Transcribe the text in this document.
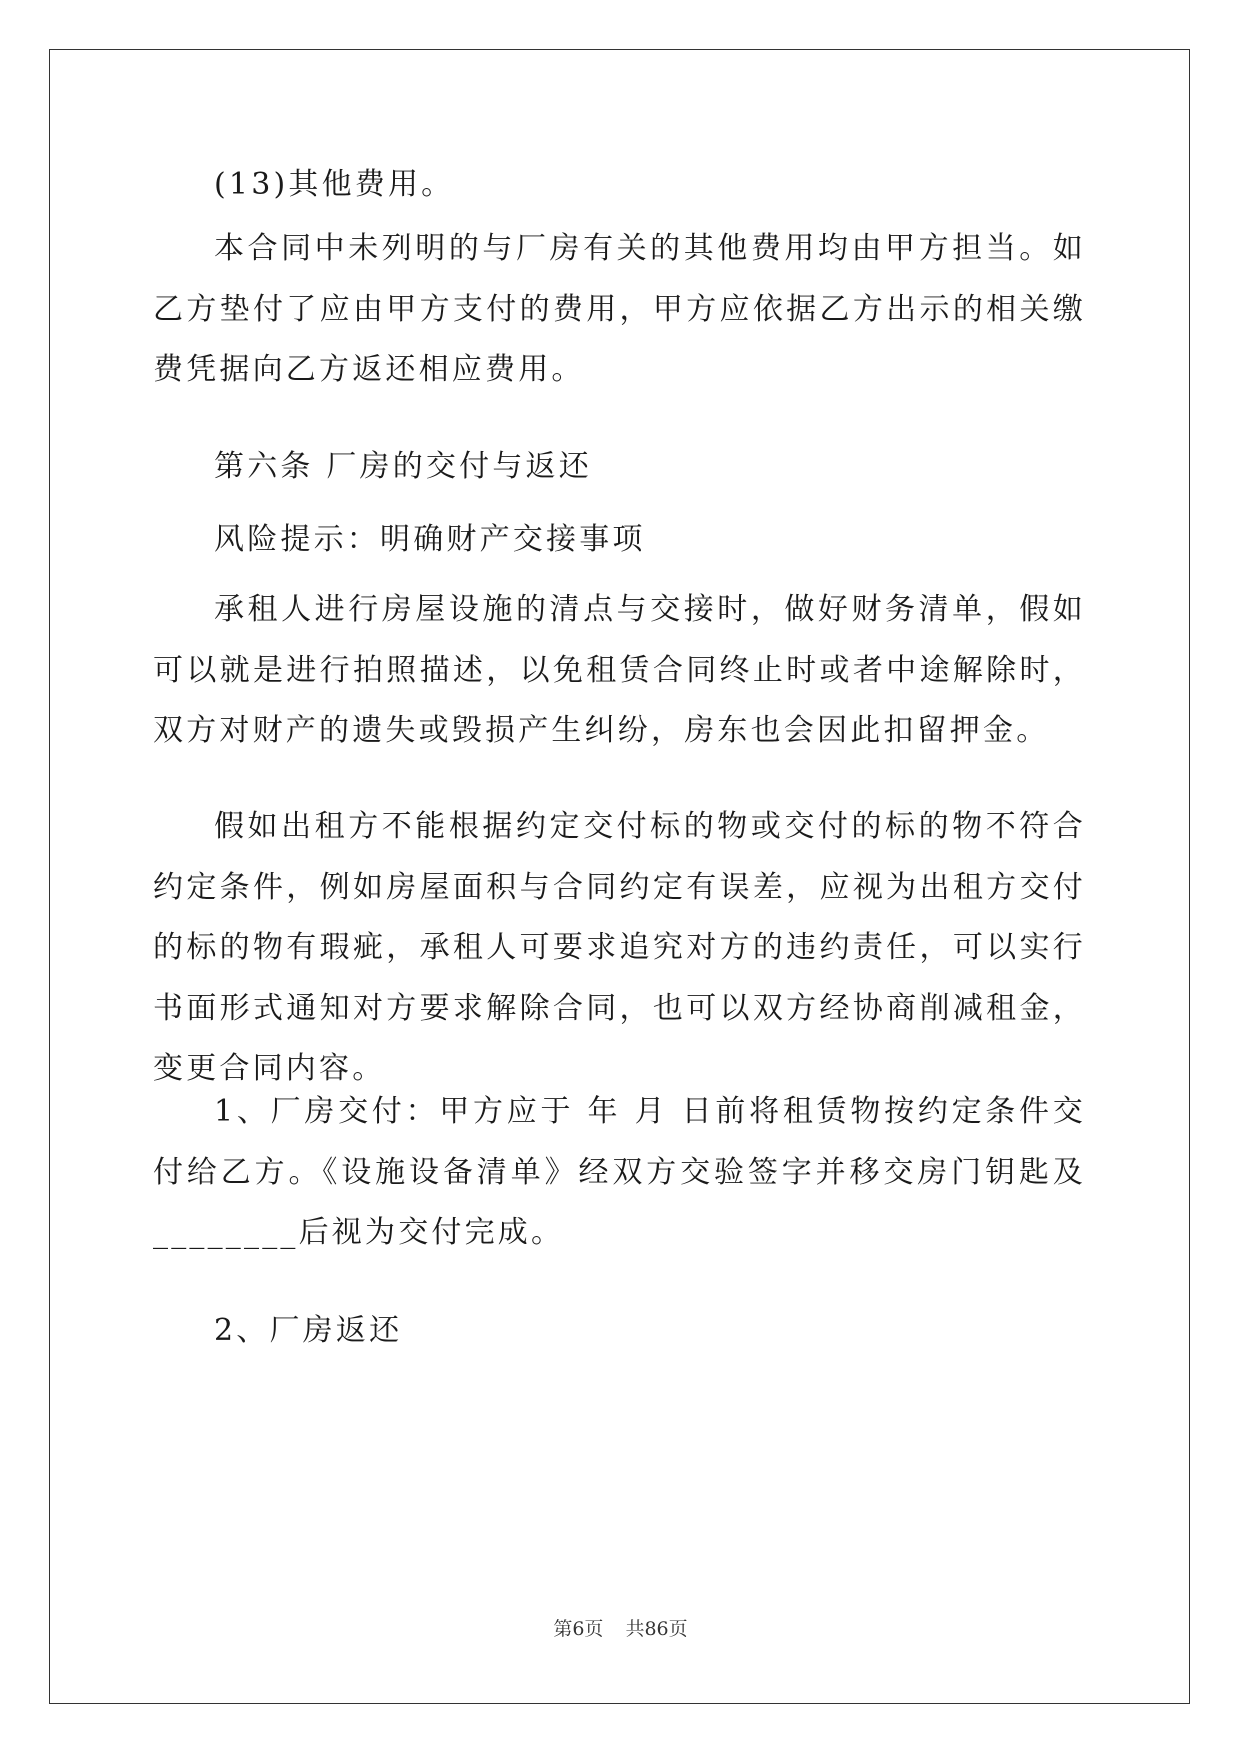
(13)其他费用。

本合同中未列明的与厂房有关的其他费用均由甲方担当。如乙方垫付了应由甲方支付的费用，甲方应依据乙方出示的相关缴费凭据向乙方返还相应费用。

第六条 厂房的交付与返还

风险提示：明确财产交接事项

承租人进行房屋设施的清点与交接时，做好财务清单，假如可以就是进行拍照描述，以免租赁合同终止时或者中途解除时，双方对财产的遗失或毁损产生纠纷，房东也会因此扣留押金。

假如出租方不能根据约定交付标的物或交付的标的物不符合约定条件，例如房屋面积与合同约定有误差，应视为出租方交付的标的物有瑕疵，承租人可要求追究对方的违约责任，可以实行书面形式通知对方要求解除合同，也可以双方经协商削减租金，变更合同内容。

1、厂房交付：甲方应于 年 月 日前将租赁物按约定条件交付给乙方。《设施设备清单》经双方交验签字并移交房门钥匙及________后视为交付完成。

2、厂房返还

第6页 共86页
